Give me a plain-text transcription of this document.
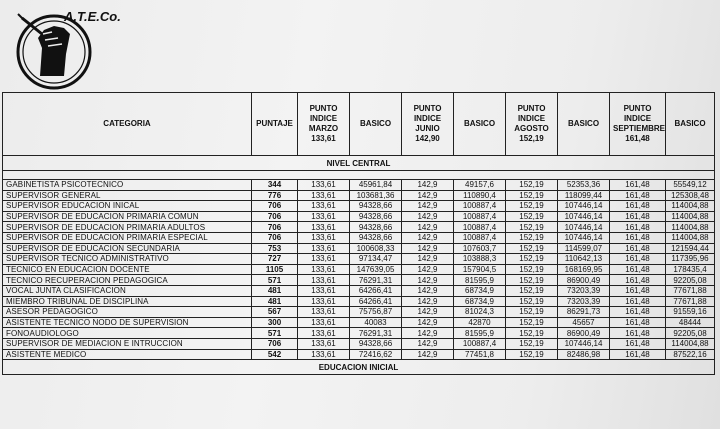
A.T.E.Co.
CATEGORIA	PUNTAJE	PUNTO INDICE MARZO 133,61	BASICO	PUNTO INDICE JUNIO 142,90	BASICO	PUNTO INDICE AGOSTO 152,19	BASICO	PUNTO INDICE SEPTIEMBRE 161,48	BASICO
NIVEL CENTRAL									

GABINETISTA PSICOTECNICO	344	133,61	45961,84	142,9	49157,6	152,19	52353,36	161,48	55549,12
SUPERVISOR GENERAL	776	133,61	103681,36	142,9	110890,4	152,19	118099,44	161,48	125308,48
SUPERVISOR EDUCACION INICAL	706	133,61	94328,66	142,9	100887,4	152,19	107446,14	161,48	114004,88
SUPERVISOR DE EDUCACION PRIMARIA COMUN	706	133,61	94328,66	142,9	100887,4	152,19	107446,14	161,48	114004,88
SUPERVISOR DE EDUCACION PRIMARIA ADULTOS	706	133,61	94328,66	142,9	100887,4	152,19	107446,14	161,48	114004,88
SUPERVISOR DE EDUCACION PRIMARIA ESPECIAL	706	133,61	94328,66	142,9	100887,4	152,19	107446,14	161,48	114004,88
SUPERVISOR DE EDUCACION SECUNDARIA	753	133,61	100608,33	142,9	107603,7	152,19	114599,07	161,48	121594,44
SUPERVISOR TECNICO ADMINISTRATIVO	727	133,61	97134,47	142,9	103888,3	152,19	110642,13	161,48	117395,96
TECNICO EN EDUCACION DOCENTE	1105	133,61	147639,05	142,9	157904,5	152,19	168169,95	161,48	178435,4
TECNICO RECUPERACION PEDAGOGICA	571	133,61	76291,31	142,9	81595,9	152,19	86900,49	161,48	92205,08
VOCAL JUNTA CLASIFICACION	481	133,61	64266,41	142,9	68734,9	152,19	73203,39	161,48	77671,88
MIEMBRO TRIBUNAL DE DISCIPLINA	481	133,61	64266,41	142,9	68734,9	152,19	73203,39	161,48	77671,88
ASESOR PEDAGOGICO	567	133,61	75756,87	142,9	81024,3	152,19	86291,73	161,48	91559,16
ASISTENTE TECNICO NODO DE SUPERVISION	300	133,61	40083	142,9	42870	152,19	45657	161,48	48444
FONOAUDIOLOGO	571	133,61	76291,31	142,9	81595,9	152,19	86900,49	161,48	92205,08
SUPERVISOR DE MEDIACION E INTRUCCION	706	133,61	94328,66	142,9	100887,4	152,19	107446,14	161,48	114004,88
ASISTENTE MEDICO	542	133,61	72416,62	142,9	77451,8	152,19	82486,98	161,48	87522,16
EDUCACION INICIAL									
